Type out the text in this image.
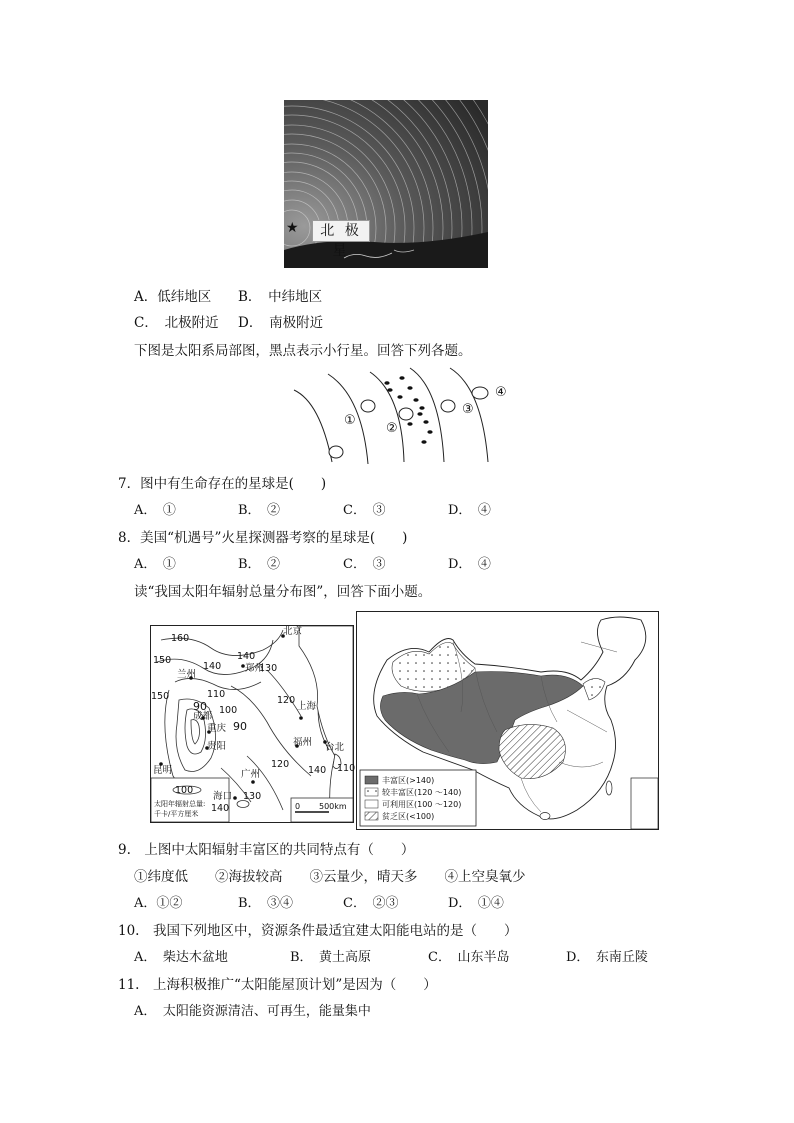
★	北 极 星
A．低纬地区 B．　中纬地区
C．　北极附近 D．　南极附近
下图是太阳系局部图，黑点表示小行星。回答下列各题。
①
②
③
④
7．图中有生命存在的星球是(　　)
A．　①	B．　②	C．　③	D．　④
8．美国“机遇号”火星探测器考察的星球是(　　)
A．　①	B．　②	C．　③	D．　④
读“我国太阳年辐射总量分布图”，回答下面小题。
160
150	140
130
110
100
90
90
150
140
120
120
140
130
110
140
100
北京
兰州
郑州
成都
重庆
贵阳
上海
福州 台北
广州
昆明
海口
太阳年辐射总量:
千卡/平方厘米
0 500km
丰富区(>140)
较丰富区(120 ～140)
可利用区(100 ～120)
贫乏区(<100)
9.　上图中太阳辐射丰富区的共同特点有（　　）
①纬度低　　②海拔较高　　③云量少，晴天多　　④上空臭氧少
A．①②	B．　③④	C．　②③	D．　①④
10.　我国下列地区中，资源条件最适宜建太阳能电站的是（　　）
A．　柴达木盆地	B．　黄土高原	C．　山东半岛	D．　东南丘陵
11.　上海积极推广“太阳能屋顶计划”是因为（　　）
A．　太阳能资源清洁、可再生，能量集中
